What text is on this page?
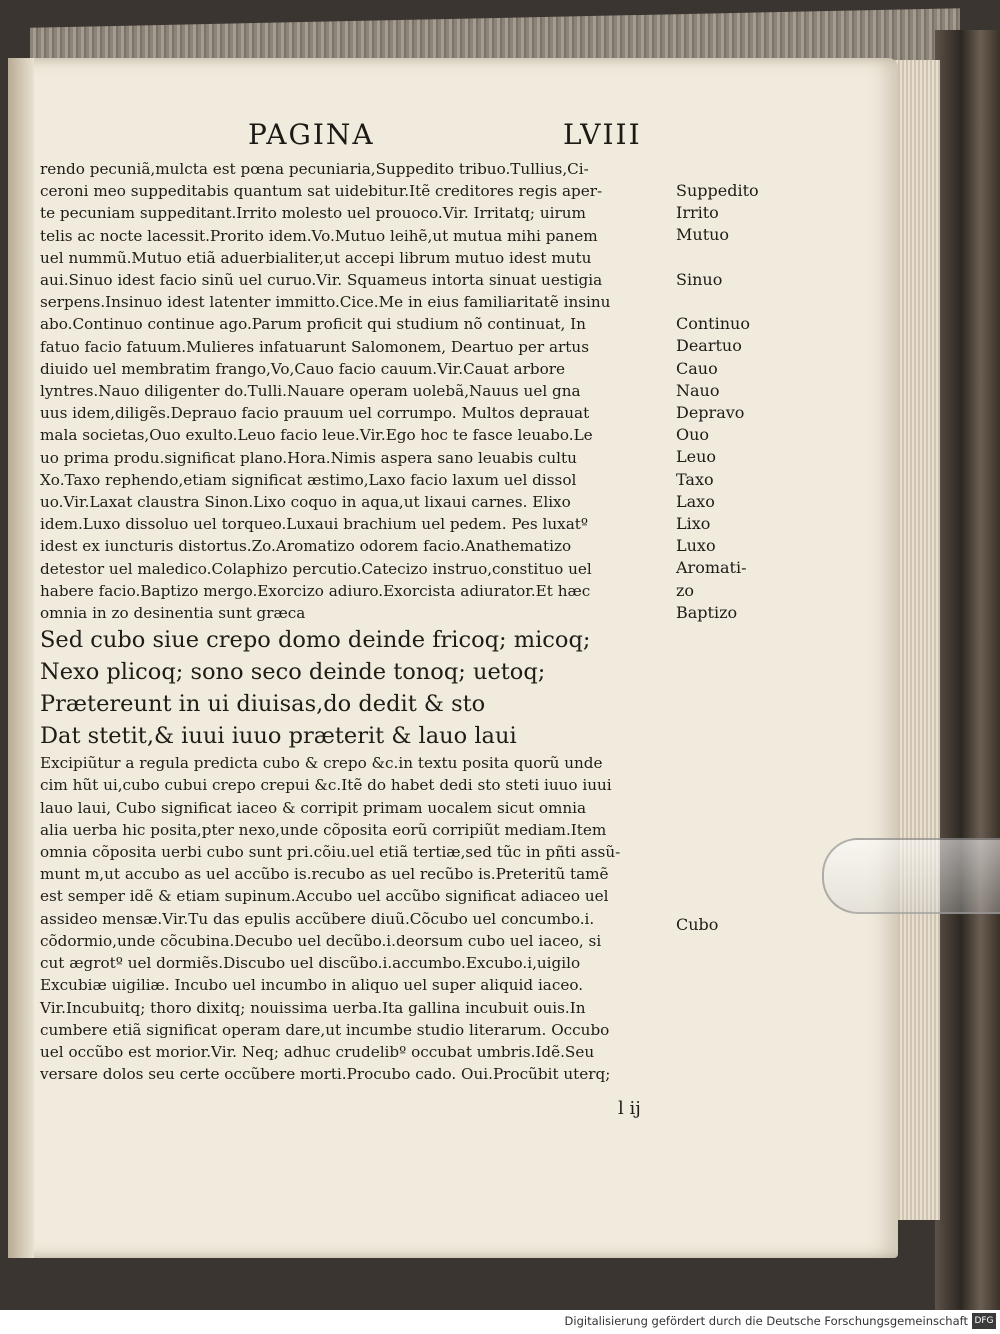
PAGINA	LVIII
rendo pecuniã,mulcta est pœna pecuniaria,Suppedito tribuo.Tullius,Ci-
ceroni meo suppeditabis quantum sat uidebitur.Itẽ creditores regis aper-
te pecuniam suppeditant.Irrito molesto uel prouoco.Vir. Irritatq; uirum
telis ac nocte lacessit.Prorito idem.Vo.Mutuo leihẽ,ut mutua mihi panem
uel nummũ.Mutuo etiã aduerbialiter,ut accepi librum mutuo idest mutu
aui.Sinuo idest facio sinũ uel curuo.Vir. Squameus intorta sinuat uestigia
serpens.Insinuo idest latenter immitto.Cice.Me in eius familiaritatẽ insinu
abo.Continuo continue ago.Parum proficit qui studium nõ continuat, In
fatuo facio fatuum.Mulieres infatuarunt Salomonem, Deartuo per artus
diuido uel membratim frango,Vo,Cauo facio cauum.Vir.Cauat arbore
lyntres.Nauo diligenter do.Tulli.Nauare operam uolebã,Nauus uel gna
uus idem,diligẽs.Deprauo facio prauum uel corrumpo. Multos deprauat
mala societas,Ouo exulto.Leuo facio leue.Vir.Ego hoc te fasce leuabo.Le
uo prima produ.significat plano.Hora.Nimis aspera sano leuabis cultu
Xo.Taxo rephendo,etiam significat æstimo,Laxo facio laxum uel dissol
uo.Vir.Laxat claustra Sinon.Lixo coquo in aqua,ut lixaui carnes. Elixo
idem.Luxo dissoluo uel torqueo.Luxaui brachium uel pedem. Pes luxatº
idest ex iuncturis distortus.Zo.Aromatizo odorem facio.Anathematizo
detestor uel maledico.Colaphizo percutio.Catecizo instruo,constituo uel
habere facio.Baptizo mergo.Exorcizo adiuro.Exorcista adiurator.Et hæc
omnia in zo desinentia sunt græca
Sed cubo siue crepo domo deinde fricoq; micoq;
Nexo plicoq; sono seco deinde tonoq; uetoq;
Prætereunt in ui diuisas,do dedit & sto
Dat stetit,& iuui iuuo præterit & lauo laui
Excipiũtur a regula predicta cubo & crepo &c.in textu posita quorũ unde
cim hũt ui,cubo cubui crepo crepui &c.Itẽ do habet dedi sto steti iuuo iuui
lauo laui, Cubo significat iaceo & corripit primam uocalem sicut omnia
alia uerba hic posita,pter nexo,unde cõposita eorũ corripiũt mediam.Item
omnia cõposita uerbi cubo sunt pri.cõiu.uel etiã tertiæ,sed tũc in pñti assũ-
munt m,ut accubo as uel accũbo is.recubo as uel recũbo is.Preteritũ tamẽ
est semper idẽ & etiam supinum.Accubo uel accũbo significat adiaceo uel
assideo mensæ.Vir.Tu das epulis accũbere diuũ.Cõcubo uel concumbo.i.
cõdormio,unde cõcubina.Decubo uel decũbo.i.deorsum cubo uel iaceo, si
cut ægrotº uel dormiẽs.Discubo uel discũbo.i.accumbo.Excubo.i,uigilo
Excubiæ uigiliæ. Incubo uel incumbo in aliquo uel super aliquid iaceo.
Vir.Incubuitq; thoro dixitq; nouissima uerba.Ita gallina incubuit ouis.In
cumbere etiã significat operam dare,ut incumbe studio literarum. Occubo
uel occũbo est morior.Vir. Neq; adhuc crudelibº occubat umbris.Idẽ.Seu
versare dolos seu certe occũbere morti.Procubo cado. Oui.Procũbit uterq;
Suppedito
Irrito
Mutuo
Sinuo
Continuo
Deartuo
Cauo
Nauo
Depravo
Ouo
Leuo
Taxo
Laxo
Lixo
Luxo
Aromati-
zo
Baptizo
Cubo
l ij
Digitalisierung gefördert durch die Deutsche Forschungsgemeinschaft DFG
